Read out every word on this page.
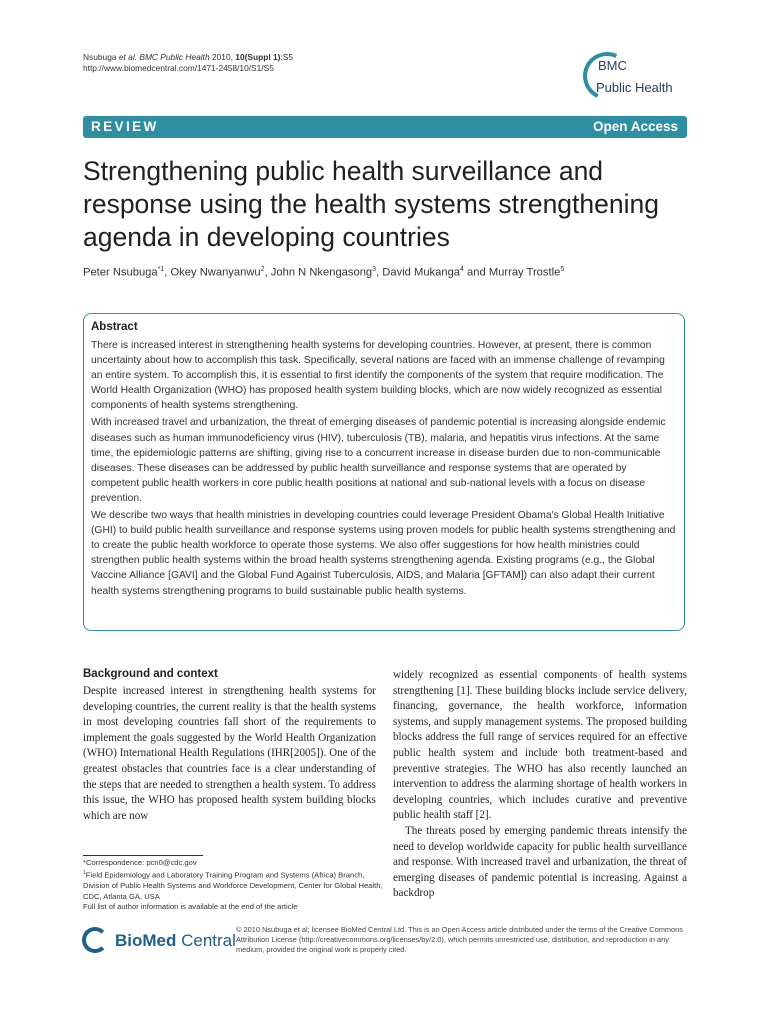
Nsubuga et al. BMC Public Health 2010, 10(Suppl 1):S5
http://www.biomedcentral.com/1471-2458/10/S1/S5	BMC
Public Health
REVIEW	Open Access
Strengthening public health surveillance and response using the health systems strengthening agenda in developing countries
Peter Nsubuga$^{*1}$, Okey Nwanyanwu$^2$, John N Nkengasong$^3$, David Mukanga$^4$ and Murray Trostle$^5$
Abstract

There is increased interest in strengthening health systems for developing countries. However, at present, there is common uncertainty about how to accomplish this task. Specifically, several nations are faced with an immense challenge of revamping an entire system. To accomplish this, it is essential to first identify the components of the system that require modification. The World Health Organization (WHO) has proposed health system building blocks, which are now widely recognized as essential components of health systems strengthening.

With increased travel and urbanization, the threat of emerging diseases of pandemic potential is increasing alongside endemic diseases such as human immunodeficiency virus (HIV), tuberculosis (TB), malaria, and hepatitis virus infections. At the same time, the epidemiologic patterns are shifting, giving rise to a concurrent increase in disease burden due to non-communicable diseases. These diseases can be addressed by public health surveillance and response systems that are operated by competent public health workers in core public health positions at national and sub-national levels with a focus on disease prevention.

We describe two ways that health ministries in developing countries could leverage President Obama's Global Health Initiative (GHI) to build public health surveillance and response systems using proven models for public health systems strengthening and to create the public health workforce to operate those systems. We also offer suggestions for how health ministries could strengthen public health systems within the broad health systems strengthening agenda. Existing programs (e.g., the Global Vaccine Alliance [GAVI] and the Global Fund Against Tuberculosis, AIDS, and Malaria [GFTAM]) can also adapt their current health systems strengthening programs to build sustainable public health systems.

Background and context

Despite increased interest in strengthening health systems for developing countries, the current reality is that the health systems in most developing countries fall short of the requirements to implement the goals suggested by the World Health Organization (WHO) International Health Regulations (IHR[2005]). One of the greatest obstacles that countries face is a clear understanding of the steps that are needed to strengthen a health system. To address this issue, the WHO has proposed health system building blocks which are now

widely recognized as essential components of health systems strengthening [1]. These building blocks include service delivery, financing, governance, the health workforce, information systems, and supply management systems. The proposed building blocks address the full range of services required for an effective public health system and include both treatment-based and preventive strategies. The WHO has also recently launched an intervention to address the alarming shortage of health workers in developing countries, which includes curative and preventive public health staff [2].

The threats posed by emerging pandemic threats intensify the need to develop worldwide capacity for public health surveillance and response. With increased travel and urbanization, the threat of emerging diseases of pandemic potential is increasing. Against a backdrop

*Correspondence: pcn0@cdc.gov

$^1$Field Epidemiology and Laboratory Training Program and Systems (Africa) Branch, Division of Public Health Systems and Workforce Development, Center for Global Health, CDC, Atlanta GA, USA

Full list of author information is available at the end of the article

BioMed Central
© 2010 Nsubuga et al; licensee BioMed Central Ltd. This is an Open Access article distributed under the terms of the Creative Commons Attribution License (http://creativecommons.org/licenses/by/2.0), which permits unrestricted use, distribution, and reproduction in any medium, provided the original work is properly cited.
